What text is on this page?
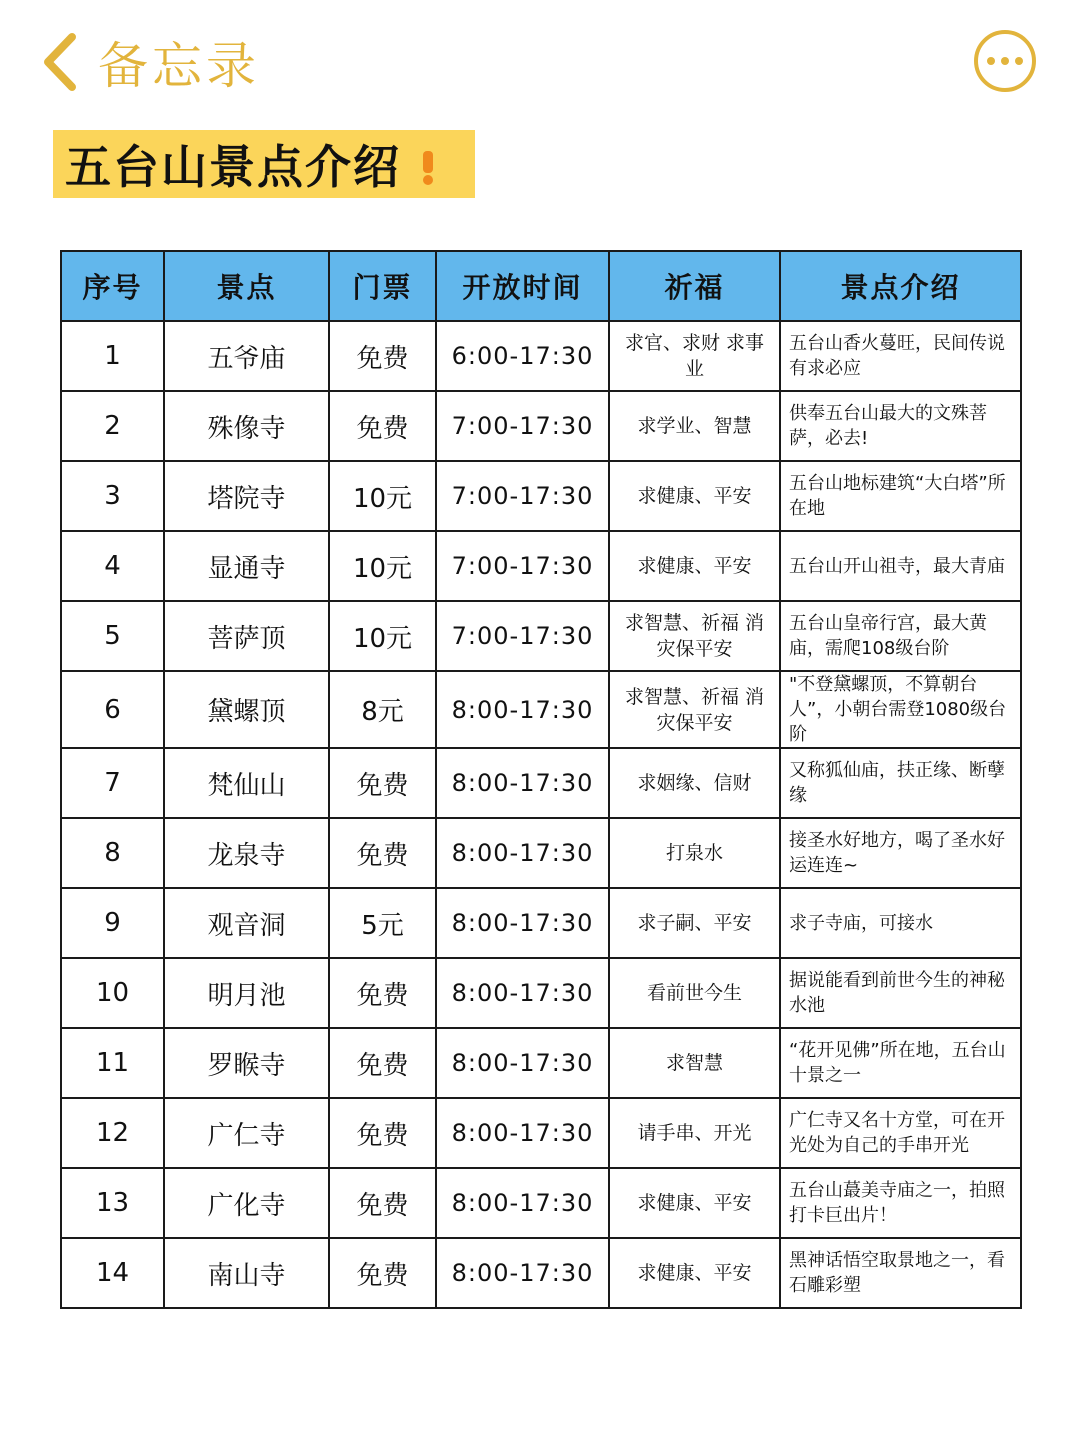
备忘录
五台山景点介绍
序号	景点	门票	开放时间	祈福	景点介绍
1	五爷庙	免费	6:00-17:30	求官、求财 求事业	五台山香火蔓旺，民间传说有求必应
2	殊像寺	免费	7:00-17:30	求学业、智慧	供奉五台山最大的文殊菩萨，必去!
3	塔院寺	10元	7:00-17:30	求健康、平安	五台山地标建筑“大白塔”所在地
4	显通寺	10元	7:00-17:30	求健康、平安	五台山开山祖寺，最大青庙
5	菩萨顶	10元	7:00-17:30	求智慧、祈福 消灾保平安	五台山皇帝行宫，最大黄庙，需爬108级台阶
6	黛螺顶	8元	8:00-17:30	求智慧、祈福 消灾保平安	"不登黛螺顶，不算朝台人”，小朝台需登1080级台阶
7	梵仙山	免费	8:00-17:30	求姻缘、信财	又称狐仙庙，扶正缘、断孽缘
8	龙泉寺	免费	8:00-17:30	打泉水	接圣水好地方，喝了圣水好运连连~
9	观音洞	5元	8:00-17:30	求子嗣、平安	求子寺庙，可接水
10	明月池	免费	8:00-17:30	看前世今生	据说能看到前世今生的神秘水池
11	罗睺寺	免费	8:00-17:30	求智慧	“花开见佛”所在地，五台山十景之一
12	广仁寺	免费	8:00-17:30	请手串、开光	广仁寺又名十方堂，可在开光处为自己的手串开光
13	广化寺	免费	8:00-17:30	求健康、平安	五台山蕞美寺庙之一，拍照打卡巨出片！
14	南山寺	免费	8:00-17:30	求健康、平安	黑神话悟空取景地之一，看石雕彩塑
